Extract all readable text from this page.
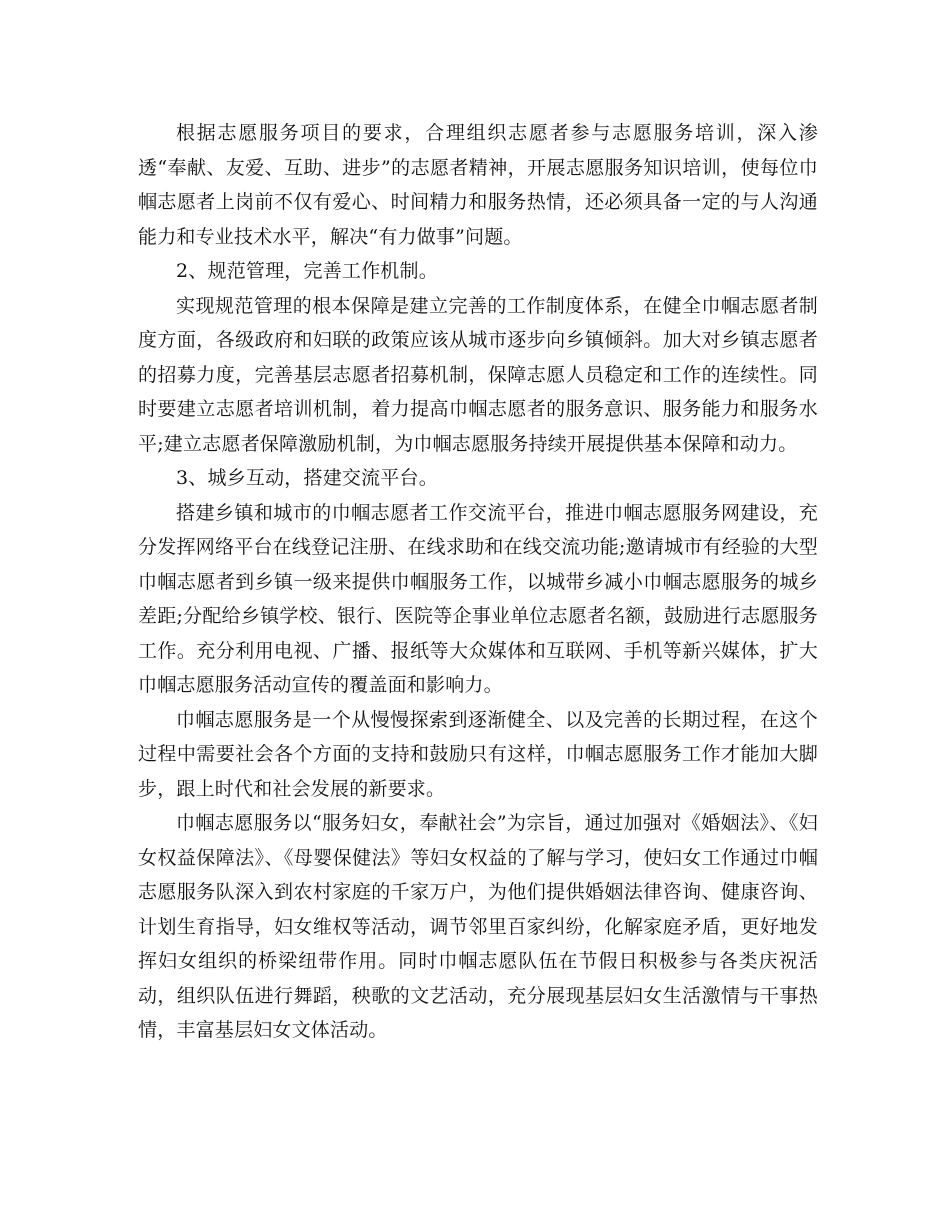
根据志愿服务项目的要求，合理组织志愿者参与志愿服务培训，深入渗透“奉献、友爱、互助、进步”的志愿者精神，开展志愿服务知识培训，使每位巾帼志愿者上岗前不仅有爱心、时间精力和服务热情，还必须具备一定的与人沟通能力和专业技术水平，解决“有力做事”问题。

2、规范管理，完善工作机制。

实现规范管理的根本保障是建立完善的工作制度体系，在健全巾帼志愿者制度方面，各级政府和妇联的政策应该从城市逐步向乡镇倾斜。加大对乡镇志愿者的招募力度，完善基层志愿者招募机制，保障志愿人员稳定和工作的连续性。同时要建立志愿者培训机制，着力提高巾帼志愿者的服务意识、服务能力和服务水平;建立志愿者保障激励机制，为巾帼志愿服务持续开展提供基本保障和动力。

3、城乡互动，搭建交流平台。

搭建乡镇和城市的巾帼志愿者工作交流平台，推进巾帼志愿服务网建设，充分发挥网络平台在线登记注册、在线求助和在线交流功能;邀请城市有经验的大型巾帼志愿者到乡镇一级来提供巾帼服务工作，以城带乡减小巾帼志愿服务的城乡差距;分配给乡镇学校、银行、医院等企事业单位志愿者名额，鼓励进行志愿服务工作。充分利用电视、广播、报纸等大众媒体和互联网、手机等新兴媒体，扩大巾帼志愿服务活动宣传的覆盖面和影响力。

巾帼志愿服务是一个从慢慢探索到逐渐健全、以及完善的长期过程，在这个过程中需要社会各个方面的支持和鼓励只有这样，巾帼志愿服务工作才能加大脚步，跟上时代和社会发展的新要求。

巾帼志愿服务以“服务妇女，奉献社会”为宗旨，通过加强对《婚姻法》、《妇女权益保障法》、《母婴保健法》等妇女权益的了解与学习，使妇女工作通过巾帼志愿服务队深入到农村家庭的千家万户，为他们提供婚姻法律咨询、健康咨询、计划生育指导，妇女维权等活动，调节邻里百家纠纷，化解家庭矛盾，更好地发挥妇女组织的桥梁纽带作用。同时巾帼志愿队伍在节假日积极参与各类庆祝活动，组织队伍进行舞蹈，秧歌的文艺活动，充分展现基层妇女生活激情与干事热情，丰富基层妇女文体活动。
